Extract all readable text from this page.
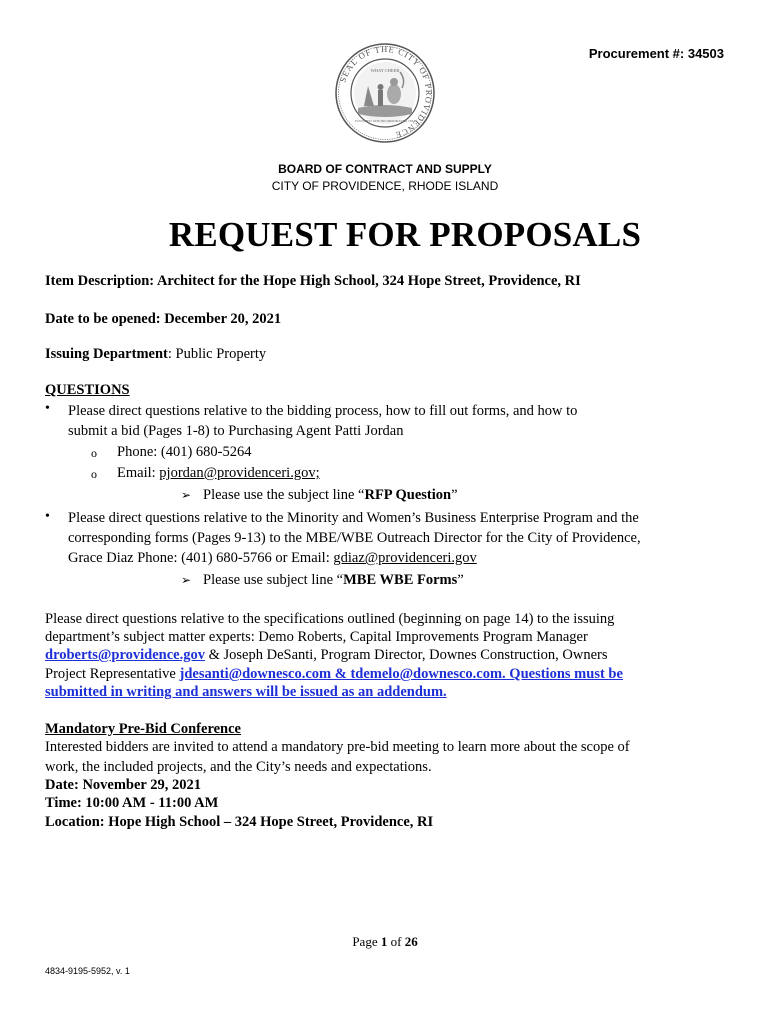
Procurement #: 34503
SEAL OF THE CITY OF PROVIDENCE
WHAT CHEER
FOUNDED 1636 INCORPORATED 1832
BOARD OF CONTRACT AND SUPPLY
CITY OF PROVIDENCE, RHODE ISLAND
REQUEST FOR PROPOSALS
Item Description: Architect for the Hope High School, 324 Hope Street, Providence, RI
Date to be opened: December 20, 2021
Issuing Department: Public Property
QUESTIONS
• Please direct questions relative to the bidding process, how to fill out forms, and how to
submit a bid (Pages 1-8) to Purchasing Agent Patti Jordan
o Phone: (401) 680-5264
o Email: pjordan@providenceri.gov;
➢ Please use the subject line “RFP Question”
• Please direct questions relative to the Minority and Women’s Business Enterprise Program and the
corresponding forms (Pages 9-13) to the MBE/WBE Outreach Director for the City of Providence,
Grace Diaz Phone: (401) 680-5766 or Email: gdiaz@providenceri.gov
➢ Please use subject line “MBE WBE Forms”
Please direct questions relative to the specifications outlined (beginning on page 14) to the issuing
department’s subject matter experts: Demo Roberts, Capital Improvements Program Manager
droberts@providence.gov & Joseph DeSanti, Program Director, Downes Construction, Owners
Project Representative jdesanti@downesco.com & tdemelo@downesco.com. Questions must be
submitted in writing and answers will be issued as an addendum.
Mandatory Pre-Bid Conference
Interested bidders are invited to attend a mandatory pre-bid meeting to learn more about the scope of
work, the included projects, and the City’s needs and expectations.
Date: November 29, 2021
Time: 10:00 AM - 11:00 AM
Location: Hope High School – 324 Hope Street, Providence, RI
Page 1 of 26
4834-9195-5952, v. 1
